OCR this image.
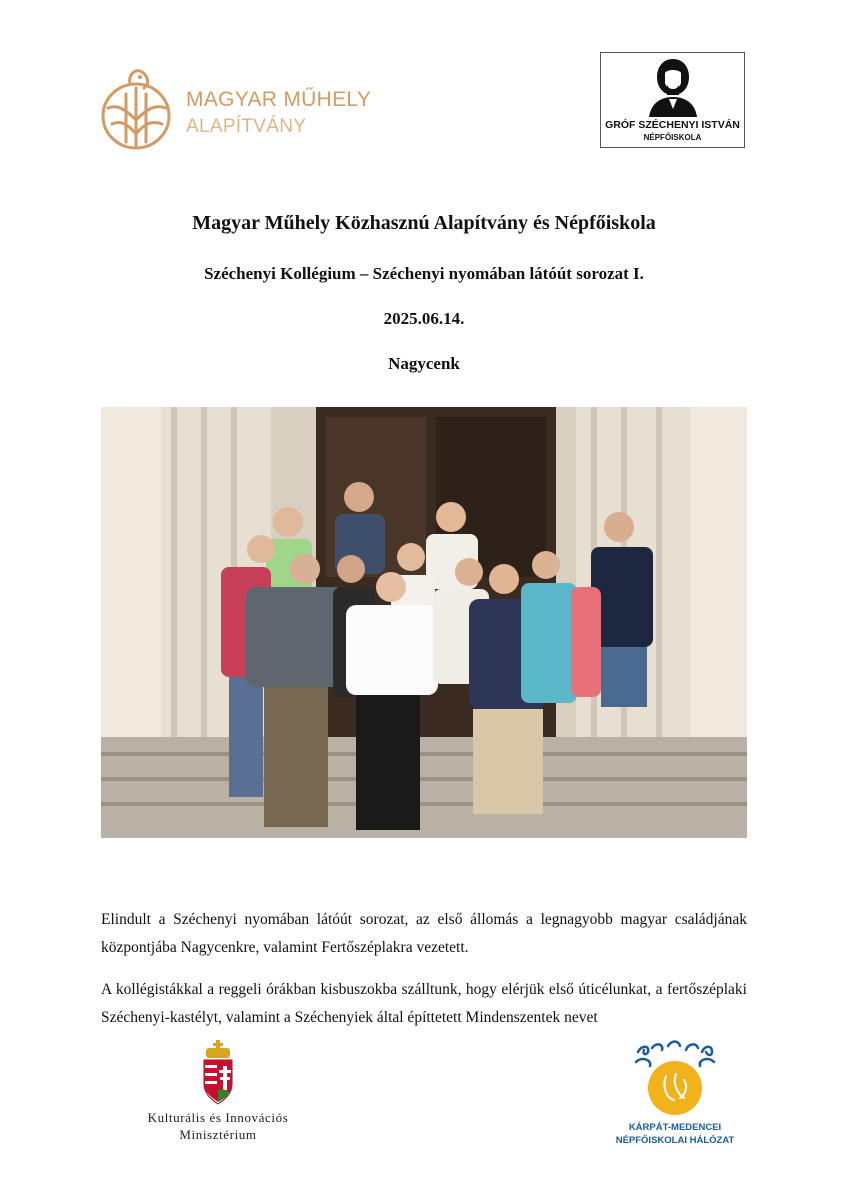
MAGYAR MŰHELY
ALAPÍTVÁNY	GRÓF SZÉCHENYI ISTVÁN
NÉPFŐISKOLA
Magyar Műhely Közhasznú Alapítvány és Népfőiskola
Széchenyi Kollégium – Széchenyi nyomában látóút sorozat I.
2025.06.14.
Nagycenk
Elindult a Széchenyi nyomában látóút sorozat, az első állomás a legnagyobb magyar családjának központjába Nagycenkre, valamint Fertőszéplakra vezetett.
A kollégistákkal a reggeli órákban kisbuszokba szálltunk, hogy elérjük első úticélunkat, a fertőszéplaki Széchenyi-kastélyt, valamint a Széchenyiek által építtetett Mindenszentek nevet
Kulturális és Innovációs
Minisztérium	KÁRPÁT-MEDENCEI
NÉPFŐISKOLAI HÁLÓZAT
